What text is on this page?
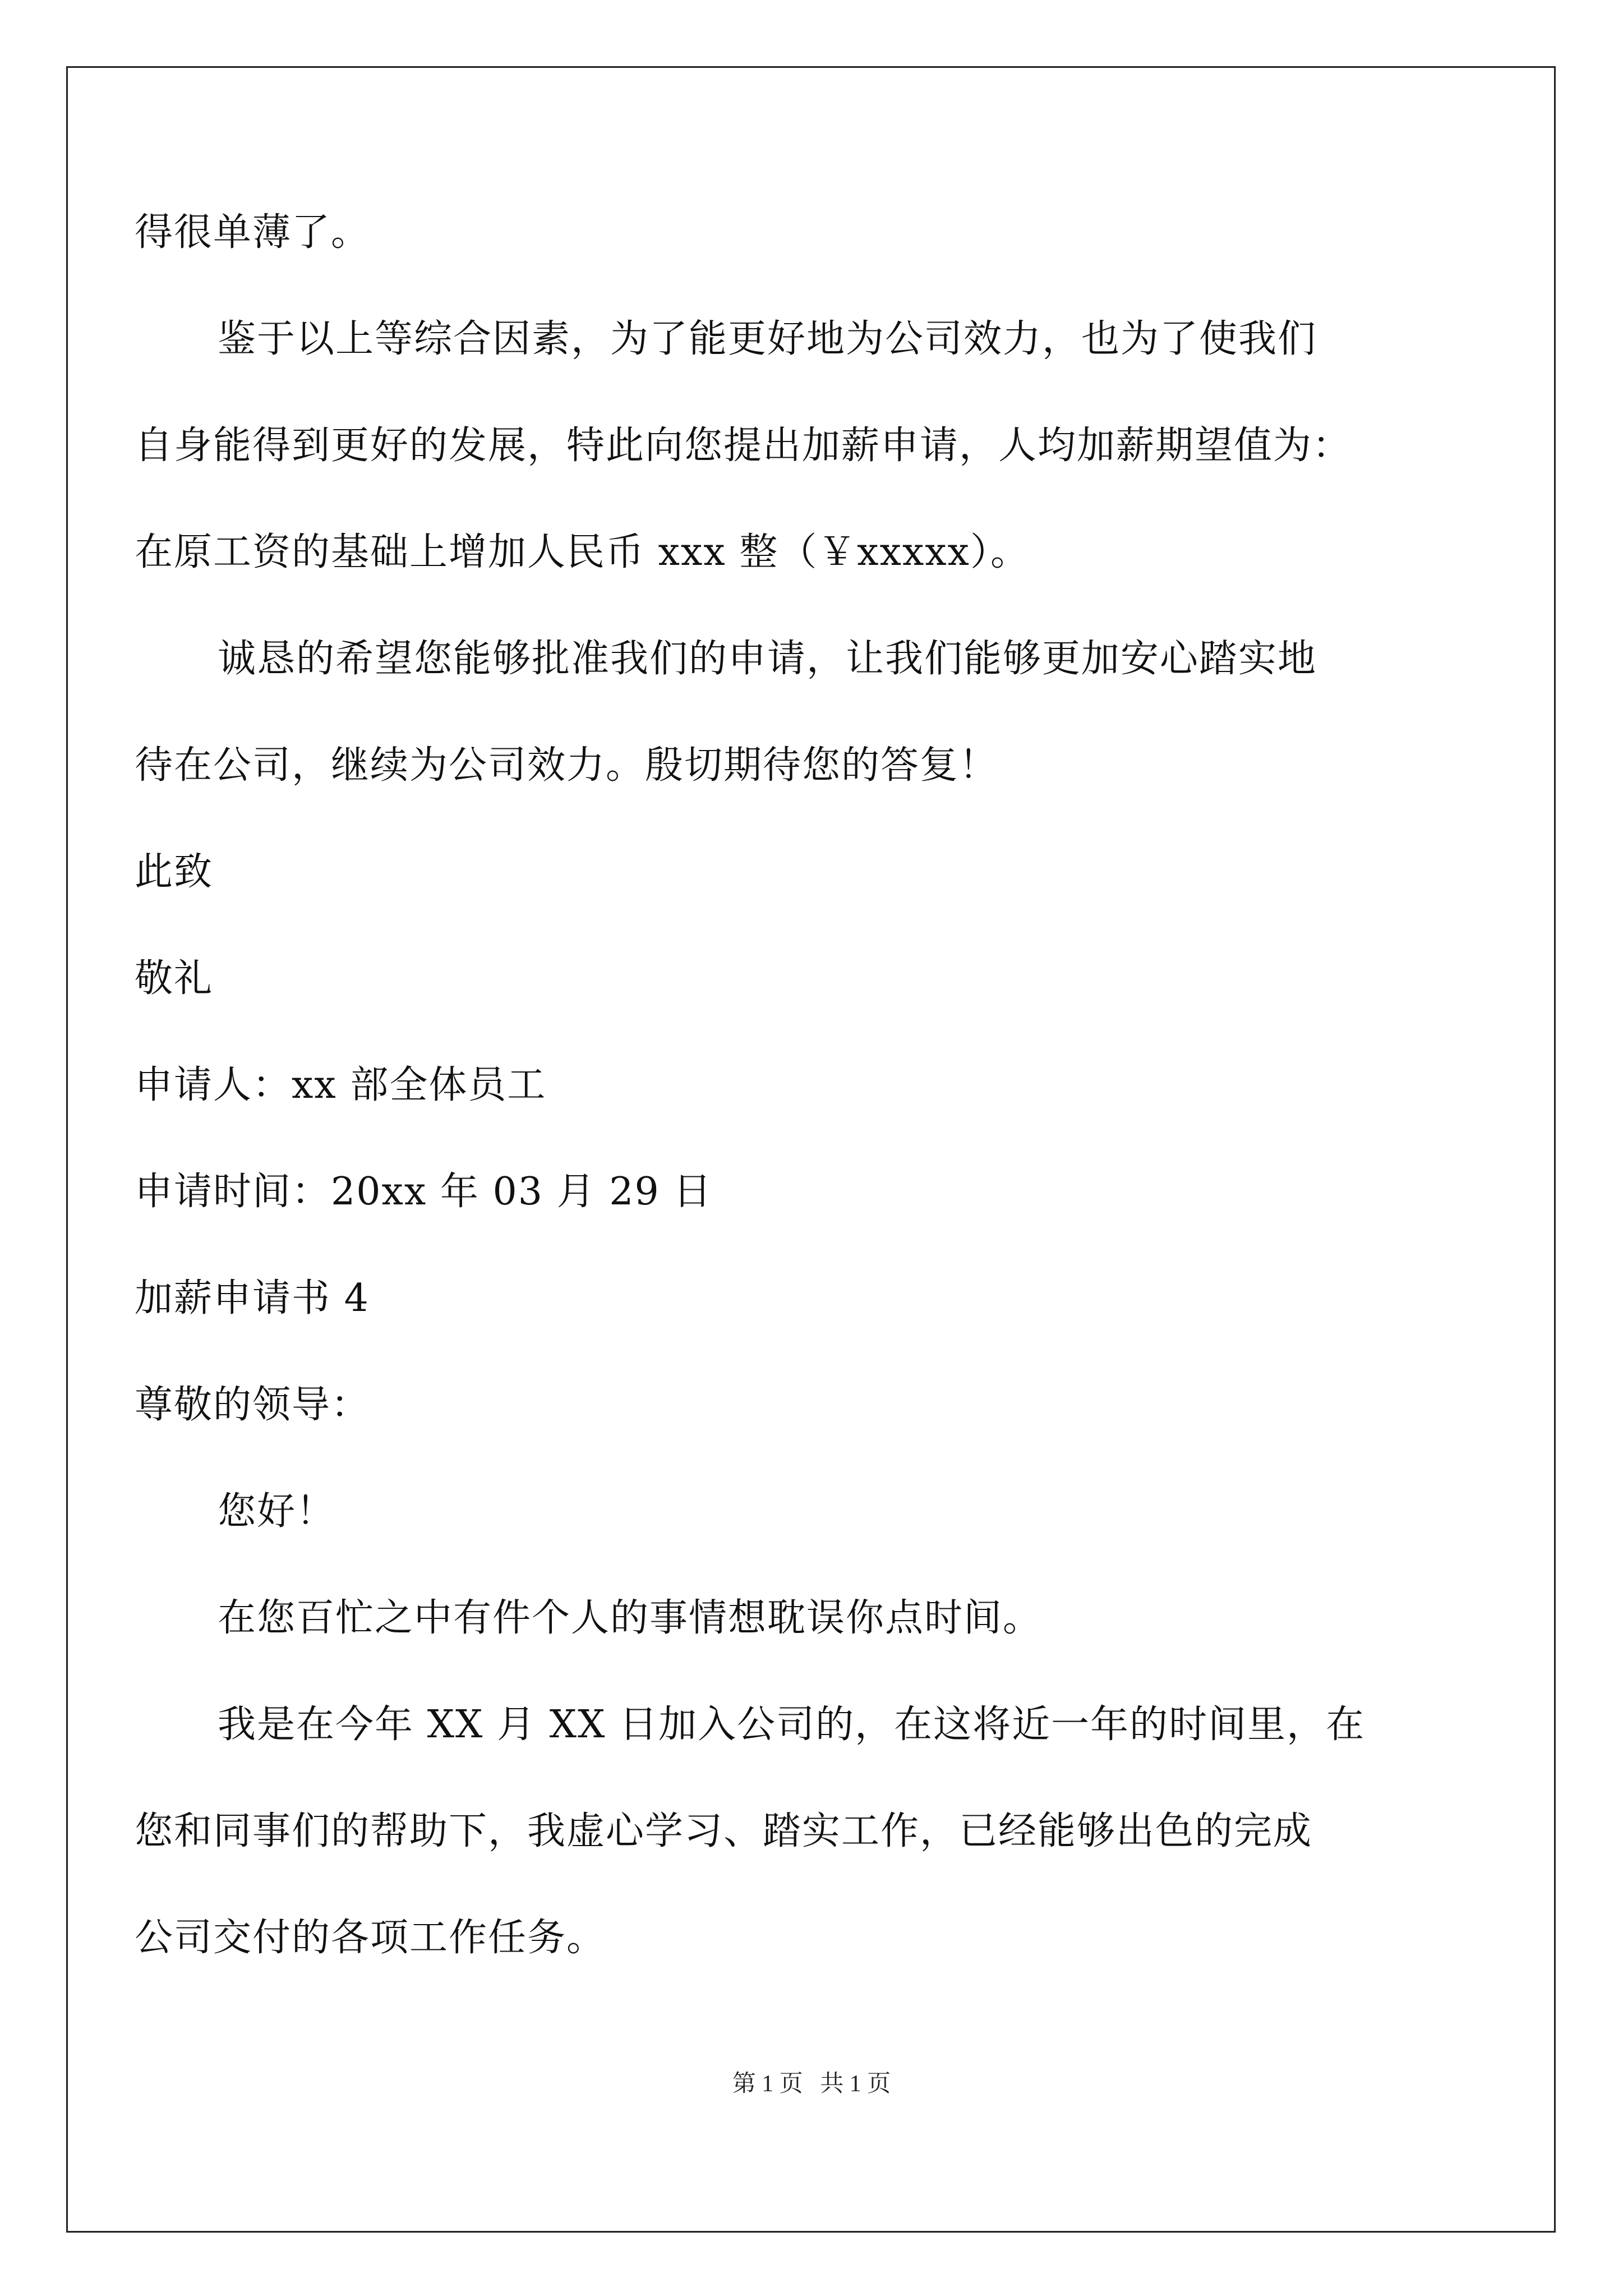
得很单薄了。
鉴于以上等综合因素，为了能更好地为公司效力，也为了使我们
自身能得到更好的发展，特此向您提出加薪申请，人均加薪期望值为：
在原工资的基础上增加人民币 xxx 整（￥xxxxx）。
诚恳的希望您能够批准我们的申请，让我们能够更加安心踏实地
待在公司，继续为公司效力。殷切期待您的答复！
此致
敬礼
申请人：xx 部全体员工
申请时间：20xx 年 03 月 29 日
加薪申请书 4
尊敬的领导：
您好！
在您百忙之中有件个人的事情想耽误你点时间。
我是在今年 XX 月 XX 日加入公司的，在这将近一年的时间里，在
您和同事们的帮助下，我虚心学习、踏实工作，已经能够出色的完成
公司交付的各项工作任务。
第 1 页 共 1 页
